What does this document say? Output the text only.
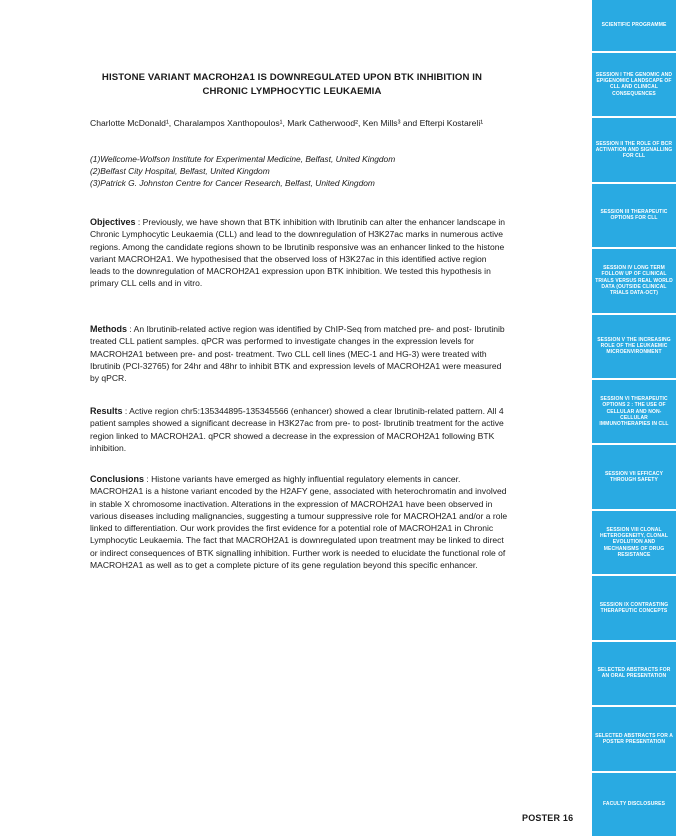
HISTONE VARIANT MACROH2A1 IS DOWNREGULATED UPON BTK INHIBITION IN CHRONIC LYMPHOCYTIC LEUKAEMIA
Charlotte McDonald¹, Charalampos Xanthopoulos¹, Mark Catherwood², Ken Mills³ and Efterpi Kostareli¹
(1)Wellcome-Wolfson Institute for Experimental Medicine, Belfast, United Kingdom
(2)Belfast City Hospital, Belfast, United Kingdom
(3)Patrick G. Johnston Centre for Cancer Research, Belfast, United Kingdom
Objectives : Previously, we have shown that BTK inhibition with Ibrutinib can alter the enhancer landscape in Chronic Lymphocytic Leukaemia (CLL) and lead to the downregulation of H3K27ac marks in numerous active regions. Among the candidate regions shown to be Ibrutinib responsive was an enhancer linked to the histone variant MACROH2A1. We hypothesised that the observed loss of H3K27ac in this identified active region leads to the downregulation of MACROH2A1 expression upon BTK inhibition. We tested this hypothesis in primary CLL cells and in vitro.
Methods : An Ibrutinib-related active region was identified by ChIP-Seq from matched pre- and post- Ibrutinib treated CLL patient samples. qPCR was performed to investigate changes in the expression levels for MACROH2A1 between pre- and post- treatment. Two CLL cell lines (MEC-1 and HG-3) were treated with Ibrutinib (PCI-32765) for 24hr and 48hr to inhibit BTK and expression levels of MACROH2A1 were measured by qPCR.
Results : Active region chr5:135344895-135345566 (enhancer) showed a clear Ibrutinib-related pattern. All 4 patient samples showed a significant decrease in H3K27ac from pre- to post- Ibrutinib treatment for the active region linked to MACROH2A1. qPCR showed a decrease in the expression of MACROH2A1 following BTK inhibition.
Conclusions : Histone variants have emerged as highly influential regulatory elements in cancer. MACROH2A1 is a histone variant encoded by the H2AFY gene, associated with heterochromatin and involved in stable X chromosome inactivation. Alterations in the expression of MACROH2A1 have been observed in various diseases including malignancies, suggesting a tumour suppressive role for MACROH2A1 and/or a role linked to differentiation. Our work provides the first evidence for a potential role of MACROH2A1 in Chronic Lymphocytic Leukaemia. The fact that MACROH2A1 is downregulated upon treatment may be linked to direct or indirect consequences of BTK signalling inhibition. Further work is needed to elucidate the functional role of MACROH2A1 as well as to get a complete picture of its gene regulation beyond this specific enhancer.
POSTER 16
SCIENTIFIC PROGRAMME
SESSION I THE GENOMIC AND EPIGENOMIC LANDSCAPE OF CLL AND CLINICAL CONSEQUENCES
SESSION II THE ROLE OF BCR ACTIVATION AND SIGNALLING FOR CLL
SESSION III THERAPEUTIC OPTIONS FOR CLL
SESSION IV LONG TERM FOLLOW UP OF CLINICAL TRIALS VERSUS REAL WORLD DATA (OUTSIDE CLINICAL TRIALS DATA-OCT)
SESSION V THE INCREASING ROLE OF THE LEUKAEMIC MICROENVIRONMENT
SESSION VI THERAPEUTIC OPTIONS 2 : THE USE OF CELLULAR AND NON-CELLULAR IMMUNOTHERAPIES IN CLL
SESSION VII EFFICACY THROUGH SAFETY
SESSION VIII CLONAL HETEROGENEITY, CLONAL EVOLUTION AND MECHANISMS OF DRUG RESISTANCE
SESSION IX CONTRASTING THERAPEUTIC CONCEPTS
SELECTED ABSTRACTS FOR AN ORAL PRESENTATION
SELECTED ABSTRACTS FOR A POSTER PRESENTATION
FACULTY DISCLOSURES
